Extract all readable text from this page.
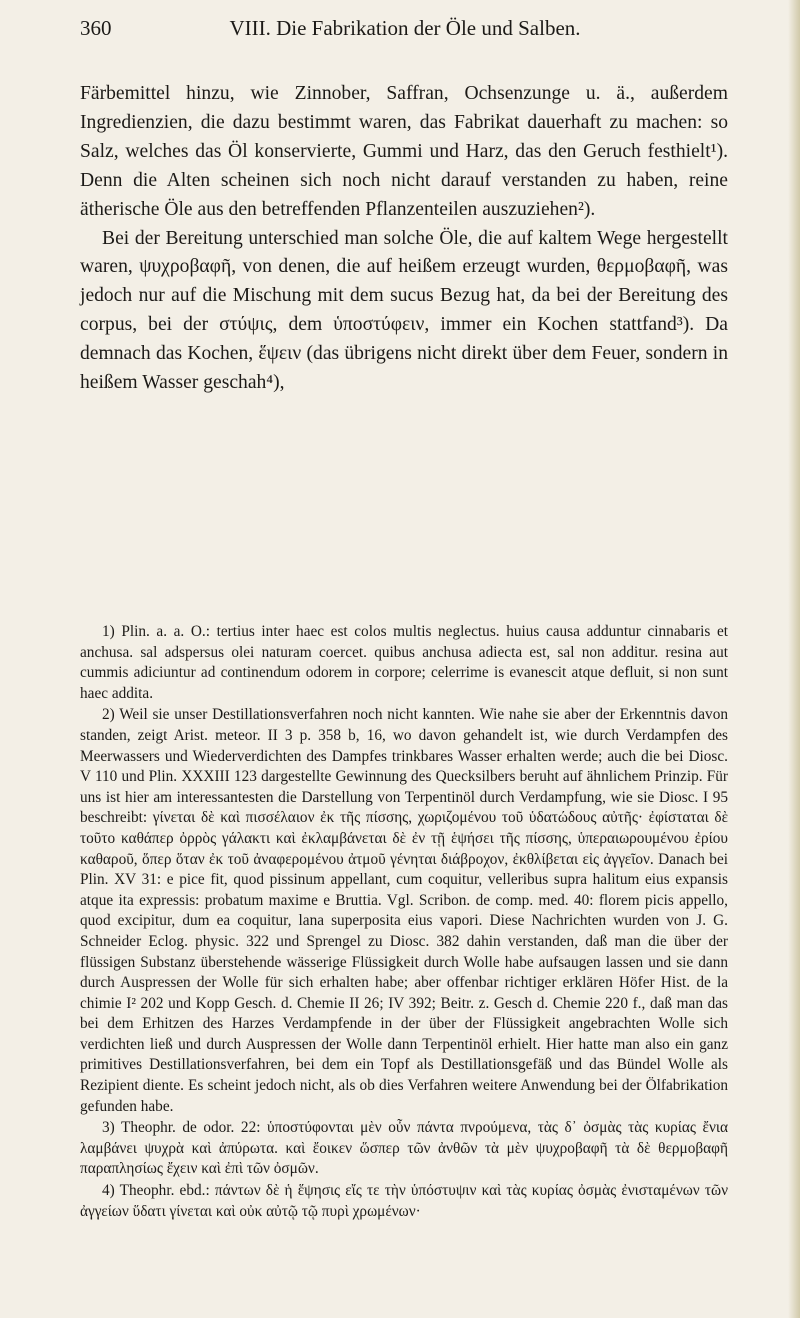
360	VIII. Die Fabrikation der Öle und Salben.

Färbemittel hinzu, wie Zinnober, Saffran, Ochsenzunge u. ä., außerdem Ingredienzien, die dazu bestimmt waren, das Fabrikat dauerhaft zu machen: so Salz, welches das Öl konservierte, Gummi und Harz, das den Geruch festhielt¹). Denn die Alten scheinen sich noch nicht darauf verstanden zu haben, reine ätherische Öle aus den betreffenden Pflanzenteilen auszuziehen²).

Bei der Bereitung unterschied man solche Öle, die auf kaltem Wege hergestellt waren, ψυχροβαφῆ, von denen, die auf heißem erzeugt wurden, θερμοβαφῆ, was jedoch nur auf die Mischung mit dem sucus Bezug hat, da bei der Bereitung des corpus, bei der στύψις, dem ὑποστύφειν, immer ein Kochen stattfand³). Da demnach das Kochen, ἕψειν (das übrigens nicht direkt über dem Feuer, sondern in heißem Wasser geschah⁴),

1) Plin. a. a. O.: tertius inter haec est colos multis neglectus. huius causa adduntur cinnabaris et anchusa. sal adspersus olei naturam coercet. quibus anchusa adiecta est, sal non additur. resina aut cummis adiciuntur ad continendum odorem in corpore; celerrime is evanescit atque defluit, si non sunt haec addita.

2) Weil sie unser Destillationsverfahren noch nicht kannten. Wie nahe sie aber der Erkenntnis davon standen, zeigt Arist. meteor. II 3 p. 358 b, 16, wo davon gehandelt ist, wie durch Verdampfen des Meerwassers und Wiederverdichten des Dampfes trinkbares Wasser erhalten werde; auch die bei Diosc. V 110 und Plin. XXXIII 123 dargestellte Gewinnung des Quecksilbers beruht auf ähnlichem Prinzip. Für uns ist hier am interessantesten die Darstellung von Terpentinöl durch Verdampfung, wie sie Diosc. I 95 beschreibt: γίνεται δὲ καὶ πισσέλαιον ἐκ τῆς πίσσης, χωριζομένου τοῦ ὑδατώδους αὐτῆς· ἐφίσταται δὲ τοῦτο καθάπερ ὀρρὸς γάλακτι καὶ ἐκλαμβάνεται δὲ ἐν τῇ ἑψήσει τῆς πίσσης, ὑπεραιωρουμένου ἐρίου καθαροῦ, ὅπερ ὅταν ἐκ τοῦ ἀναφερομένου ἀτμοῦ γένηται διάβροχον, ἐκθλίβεται εἰς ἀγγεῖον. Danach bei Plin. XV 31: e pice fit, quod pissinum appellant, cum coquitur, velleribus supra halitum eius expansis atque ita expressis: probatum maxime e Bruttia. Vgl. Scribon. de comp. med. 40: florem picis appello, quod excipitur, dum ea coquitur, lana superposita eius vapori. Diese Nachrichten wurden von J. G. Schneider Eclog. physic. 322 und Sprengel zu Diosc. 382 dahin verstanden, daß man die über der flüssigen Substanz überstehende wässerige Flüssigkeit durch Wolle habe aufsaugen lassen und sie dann durch Auspressen der Wolle für sich erhalten habe; aber offenbar richtiger erklären Höfer Hist. de la chimie I² 202 und Kopp Gesch. d. Chemie II 26; IV 392; Beitr. z. Gesch d. Chemie 220 f., daß man das bei dem Erhitzen des Harzes Verdampfende in der über der Flüssigkeit angebrachten Wolle sich verdichten ließ und durch Auspressen der Wolle dann Terpentinöl erhielt. Hier hatte man also ein ganz primitives Destillationsverfahren, bei dem ein Topf als Destillationsgefäß und das Bündel Wolle als Rezipient diente. Es scheint jedoch nicht, als ob dies Verfahren weitere Anwendung bei der Ölfabrikation gefunden habe.

3) Theophr. de odor. 22: ὑποστύφονται μὲν οὖν πάντα πνρούμενα, τὰς δ᾽ ὀσμὰς τὰς κυρίας ἔνια λαμβάνει ψυχρὰ καὶ ἀπύρωτα. καὶ ἔοικεν ὥσπερ τῶν ἀνθῶν τὰ μὲν ψυχροβαφῆ τὰ δὲ θερμοβαφῆ παραπλησίως ἔχειν καὶ ἐπὶ τῶν ὀσμῶν.

4) Theophr. ebd.: πάντων δὲ ἡ ἕψησις εἴς τε τὴν ὑπόστυψιν καὶ τὰς κυρίας ὀσμὰς ἐνισταμένων τῶν ἀγγείων ὕδατι γίνεται καὶ οὐκ αὐτῷ τῷ πυρὶ χρωμένων·
